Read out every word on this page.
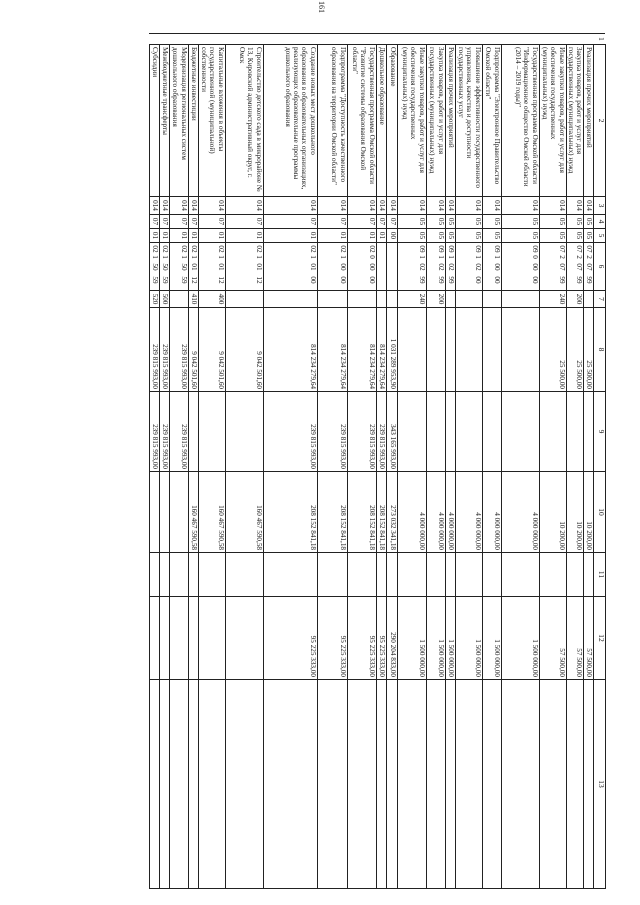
161
1	2	3	4	5	6	7	8	9	10	11	12	13
	Реализация прочих мероприятий	014	05	05	0720799		25 500,00		10 200,00		57 500,00	
	Закупка товаров, работ и услуг для государственных (муниципальных) нужд	014	05	05	0720799	200	25 500,00		10 200,00		57 500,00	
	Иные закупки товаров, работ и услуг для обеспечения государственных (муниципальных) нужд	014	05	05	0720799	240	25 500,00		10 200,00		57 500,00	
	Государственная программа Омской области "Информационное общество Омской области (2014 – 2019 годы)"	014	05	05	0900000				4 000 000,00		1 500 000,00	
	Подпрограмма "Электронное Правительство Омской области"	014	05	05	0910000				4 000 000,00		1 500 000,00	
	Повышение эффективности государственного управления, качества и доступности государственных услуг	014	05	05	0910200				4 000 000,00		1 500 000,00	
	Реализация прочих мероприятий	014	05	05	0910299				4 000 000,00		1 500 000,00	
	Закупка товаров, работ и услуг для государственных (муниципальных) нужд	014	05	05	0910299	200			4 000 000,00		1 500 000,00	
	Иные закупки товаров, работ и услуг для обеспечения государственных (муниципальных) нужд	014	05	05	0910299	240			4 000 000,00		1 500 000,00	
	Образование	014	07	00			1 031 289 953,90	343 165 993,00	273 032 341,18		290 204 833,00	
	Дошкольное образование	014	07	01			814 234 279,64	239 815 993,00	208 152 841,18		95 225 333,00	
	Государственная программа Омской области "Развитие системы образования Омской области"	014	07	01	0200000		814 234 279,64	239 815 993,00	208 152 841,18		95 225 333,00	
	Подпрограмма "Доступность качественного образования на территории Омской области"	014	07	01	0210000		814 234 279,64	239 815 993,00	208 152 841,18		95 225 333,00	
	Создание новых мест дошкольного образования в образовательных организациях, реализующих образовательные программы дошкольного образования	014	07	01	0210100		814 234 279,64	239 815 993,00	208 152 841,18		95 225 333,00	
	Строительство детского сада в микрорайоне № 13, Кировский административный округ, г. Омск	014	07	01	0210112		9 042 501,60		160 467 590,58			
	Капитальные вложения в объекты государственной (муниципальной) собственности	014	07	01	0210112	400	9 042 501,60		160 467 590,58			
	Бюджетные инвестиции	014	07	01	0210112	410	9 042 501,60		160 467 590,58			
	Модернизация региональных систем дошкольного образования	014	07	01	0215059		239 815 993,00	239 815 993,00				
	Межбюджетные трансферты	014	07	01	0215059	500	239 815 993,00	239 815 993,00				
	Субсидии	014	07	01	0215059	520	239 815 993,00	239 815 993,00				
